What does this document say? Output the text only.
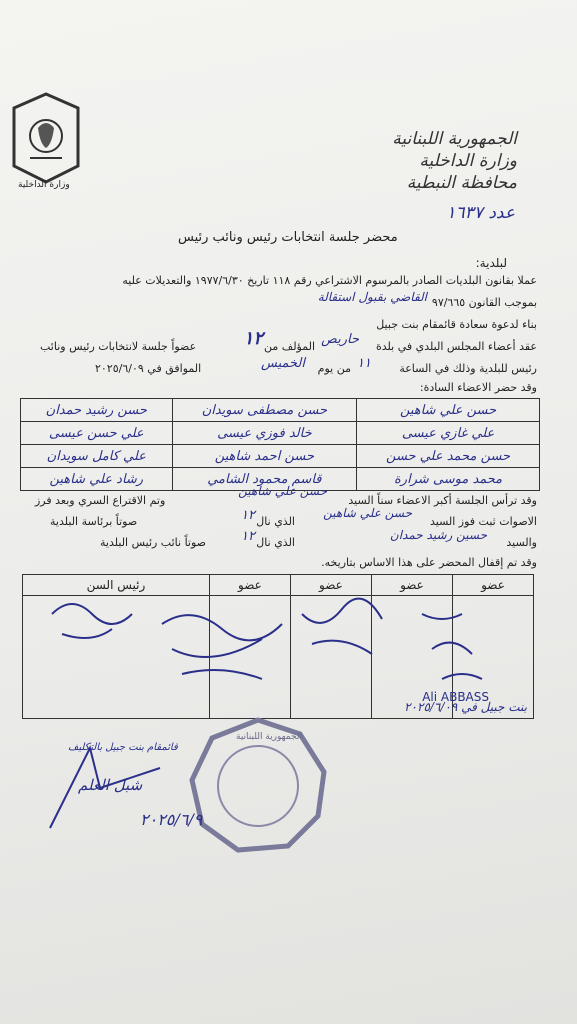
وزارة الداخلية
الجمهورية اللبنانية
وزارة الداخلية
محافظة النبطية
عدد ١٦٣٧
محضر جلسة انتخابات رئيس ونائب رئيس
لبلدية:
عملا بقانون البلديات الصادر بالمرسوم الاشتراعي رقم ١١٨ تاريخ ١٩٧٧/٦/٣٠ والتعديلات عليه
بموجب القانون ٩٧/٦٦٥
القاضي بقبول استقالة
بناء لدعوة سعادة قائمقام بنت جبيل
عقد أعضاء المجلس البلدي في بلدة
حاريص
المؤلف من
١٢
عضواً جلسة لانتخابات رئيس ونائب
رئيس للبلدية وذلك في الساعة
١١
من يوم
الخميس
الموافق في ٢٠٢٥/٦/٠٩
وقد حضر الاعضاء السادة:
حسن علي شاهين	حسن مصطفى سويدان	حسن رشيد حمدان
علي غازي عيسى	خالد فوزي عيسى	علي حسن عيسى
حسن محمد علي حسن	حسن احمد شاهين	علي كامل سويدان
محمد موسى شرارة	قاسم محمود الشامي	رشاد علي شاهين
وقد ترأس الجلسة أكبر الاعضاء سناً السيد
حسن علي شاهين
وتم الاقتراع السري وبعد فرز
الاصوات ثبت فوز السيد
حسن علي شاهين
الذي نال
١٢
صوتاً برئاسة البلدية
والسيد
حسين رشيد حمدان
الذي نال
١٢
صوتاً نائب رئيس البلدية
وقد تم إقفال المحضر على هذا الاساس بتاريخه.
عضو	عضو	عضو	عضو	رئيس السن

Ali ABBASS
بنت جبيل في ٢٠٢٥/٦/٠٩
الجمهورية اللبنانية
قائمقام بنت جبيل بالتكليف
شبل العلم
٢٠٢٥/٦/٩
